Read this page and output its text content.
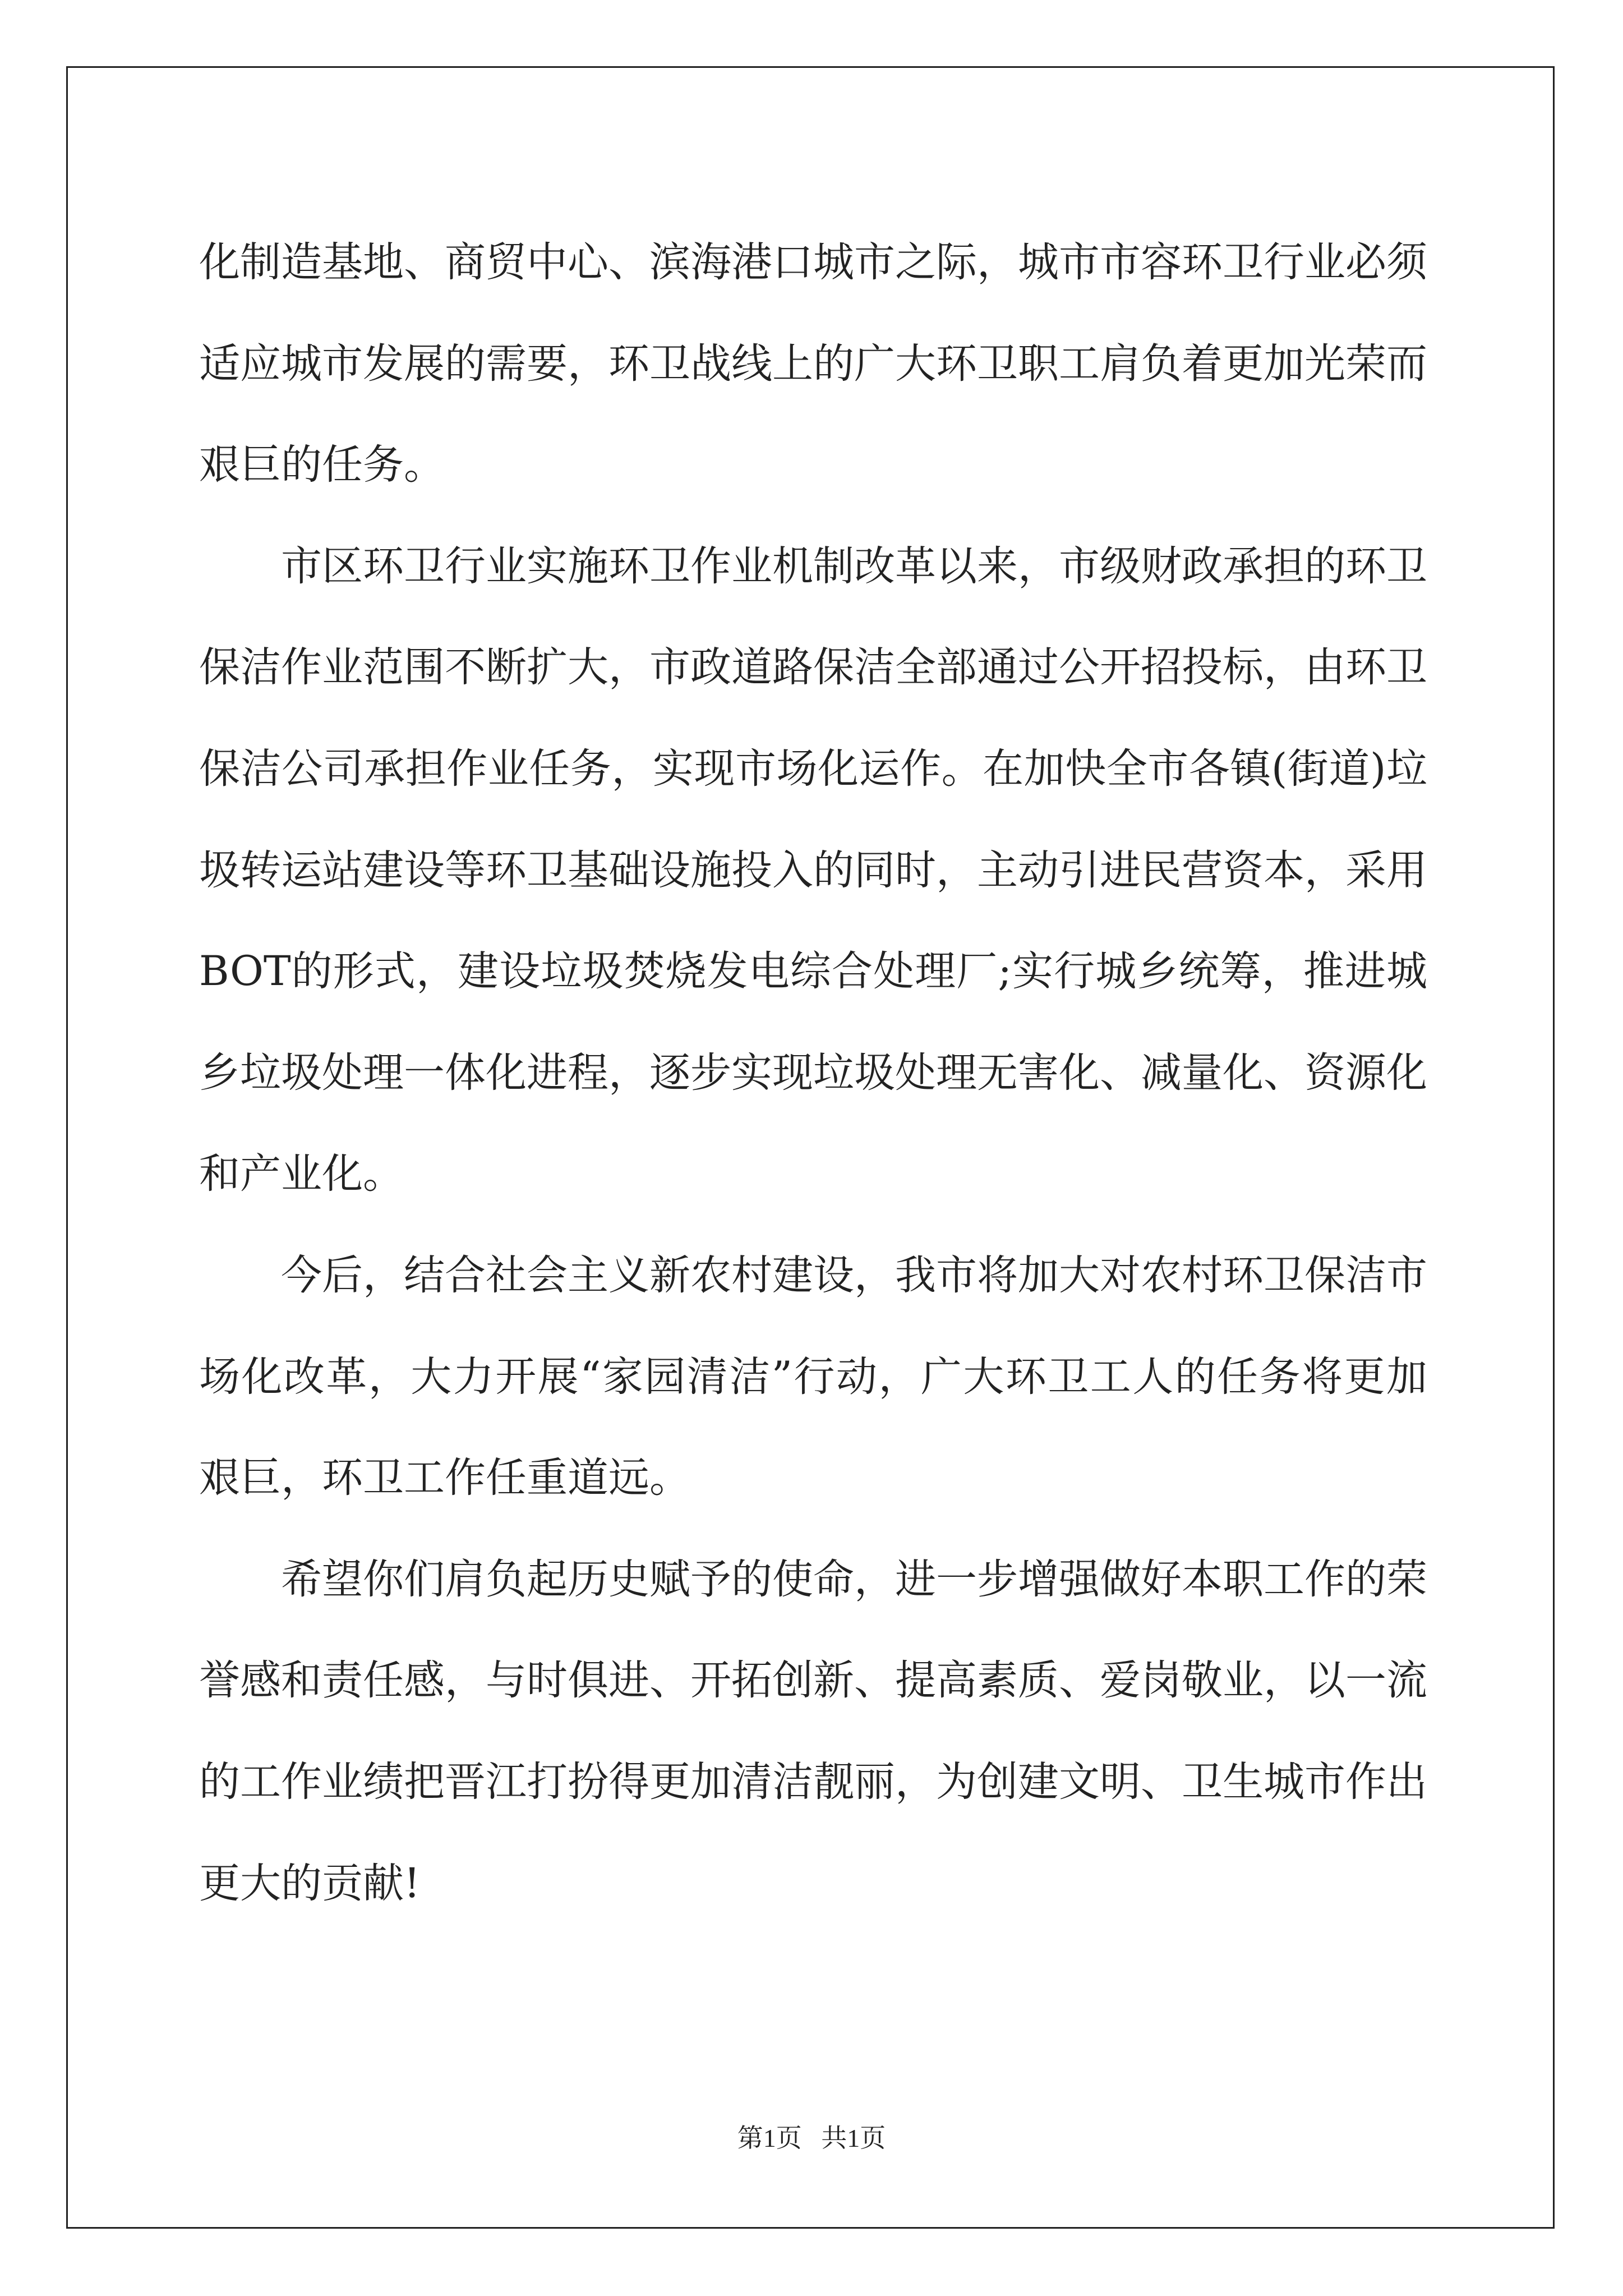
化制造基地、商贸中心、滨海港口城市之际，城市市容环卫行业必须适应城市发展的需要，环卫战线上的广大环卫职工肩负着更加光荣而艰巨的任务。

市区环卫行业实施环卫作业机制改革以来，市级财政承担的环卫保洁作业范围不断扩大，市政道路保洁全部通过公开招投标，由环卫保洁公司承担作业任务，实现市场化运作。在加快全市各镇(街道)垃圾转运站建设等环卫基础设施投入的同时，主动引进民营资本，采用BOT的形式，建设垃圾焚烧发电综合处理厂;实行城乡统筹，推进城乡垃圾处理一体化进程，逐步实现垃圾处理无害化、减量化、资源化和产业化。

今后，结合社会主义新农村建设，我市将加大对农村环卫保洁市场化改革，大力开展“家园清洁”行动，广大环卫工人的任务将更加艰巨，环卫工作任重道远。

希望你们肩负起历史赋予的使命，进一步增强做好本职工作的荣誉感和责任感，与时俱进、开拓创新、提高素质、爱岗敬业，以一流的工作业绩把晋江打扮得更加清洁靓丽，为创建文明、卫生城市作出更大的贡献!

第1页   共1页
